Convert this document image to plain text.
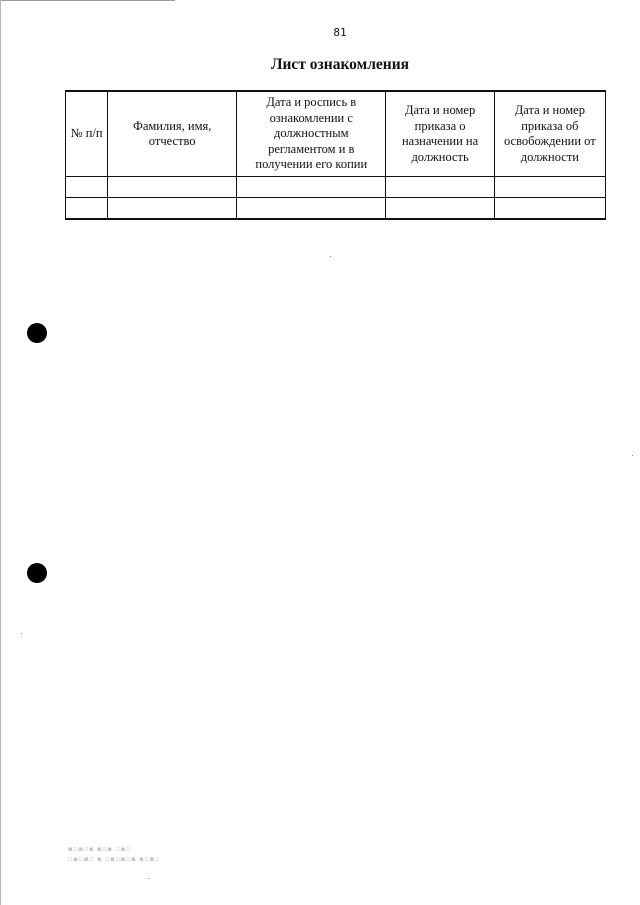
81
Лист ознакомления
№ п/п	Фамилия, имя, отчество	Дата и роспись в ознакомлении с должностным регламентом и в получении его копии	Дата и номер приказа о назначении на должность	Дата и номер приказа об освобождении от должности

▪▫▪▫▪ ▪▫▪ ▫▪▫
▫▪▫▪▫ ▪ ▫▪▫▪▫▪ ▪▫▪▫
